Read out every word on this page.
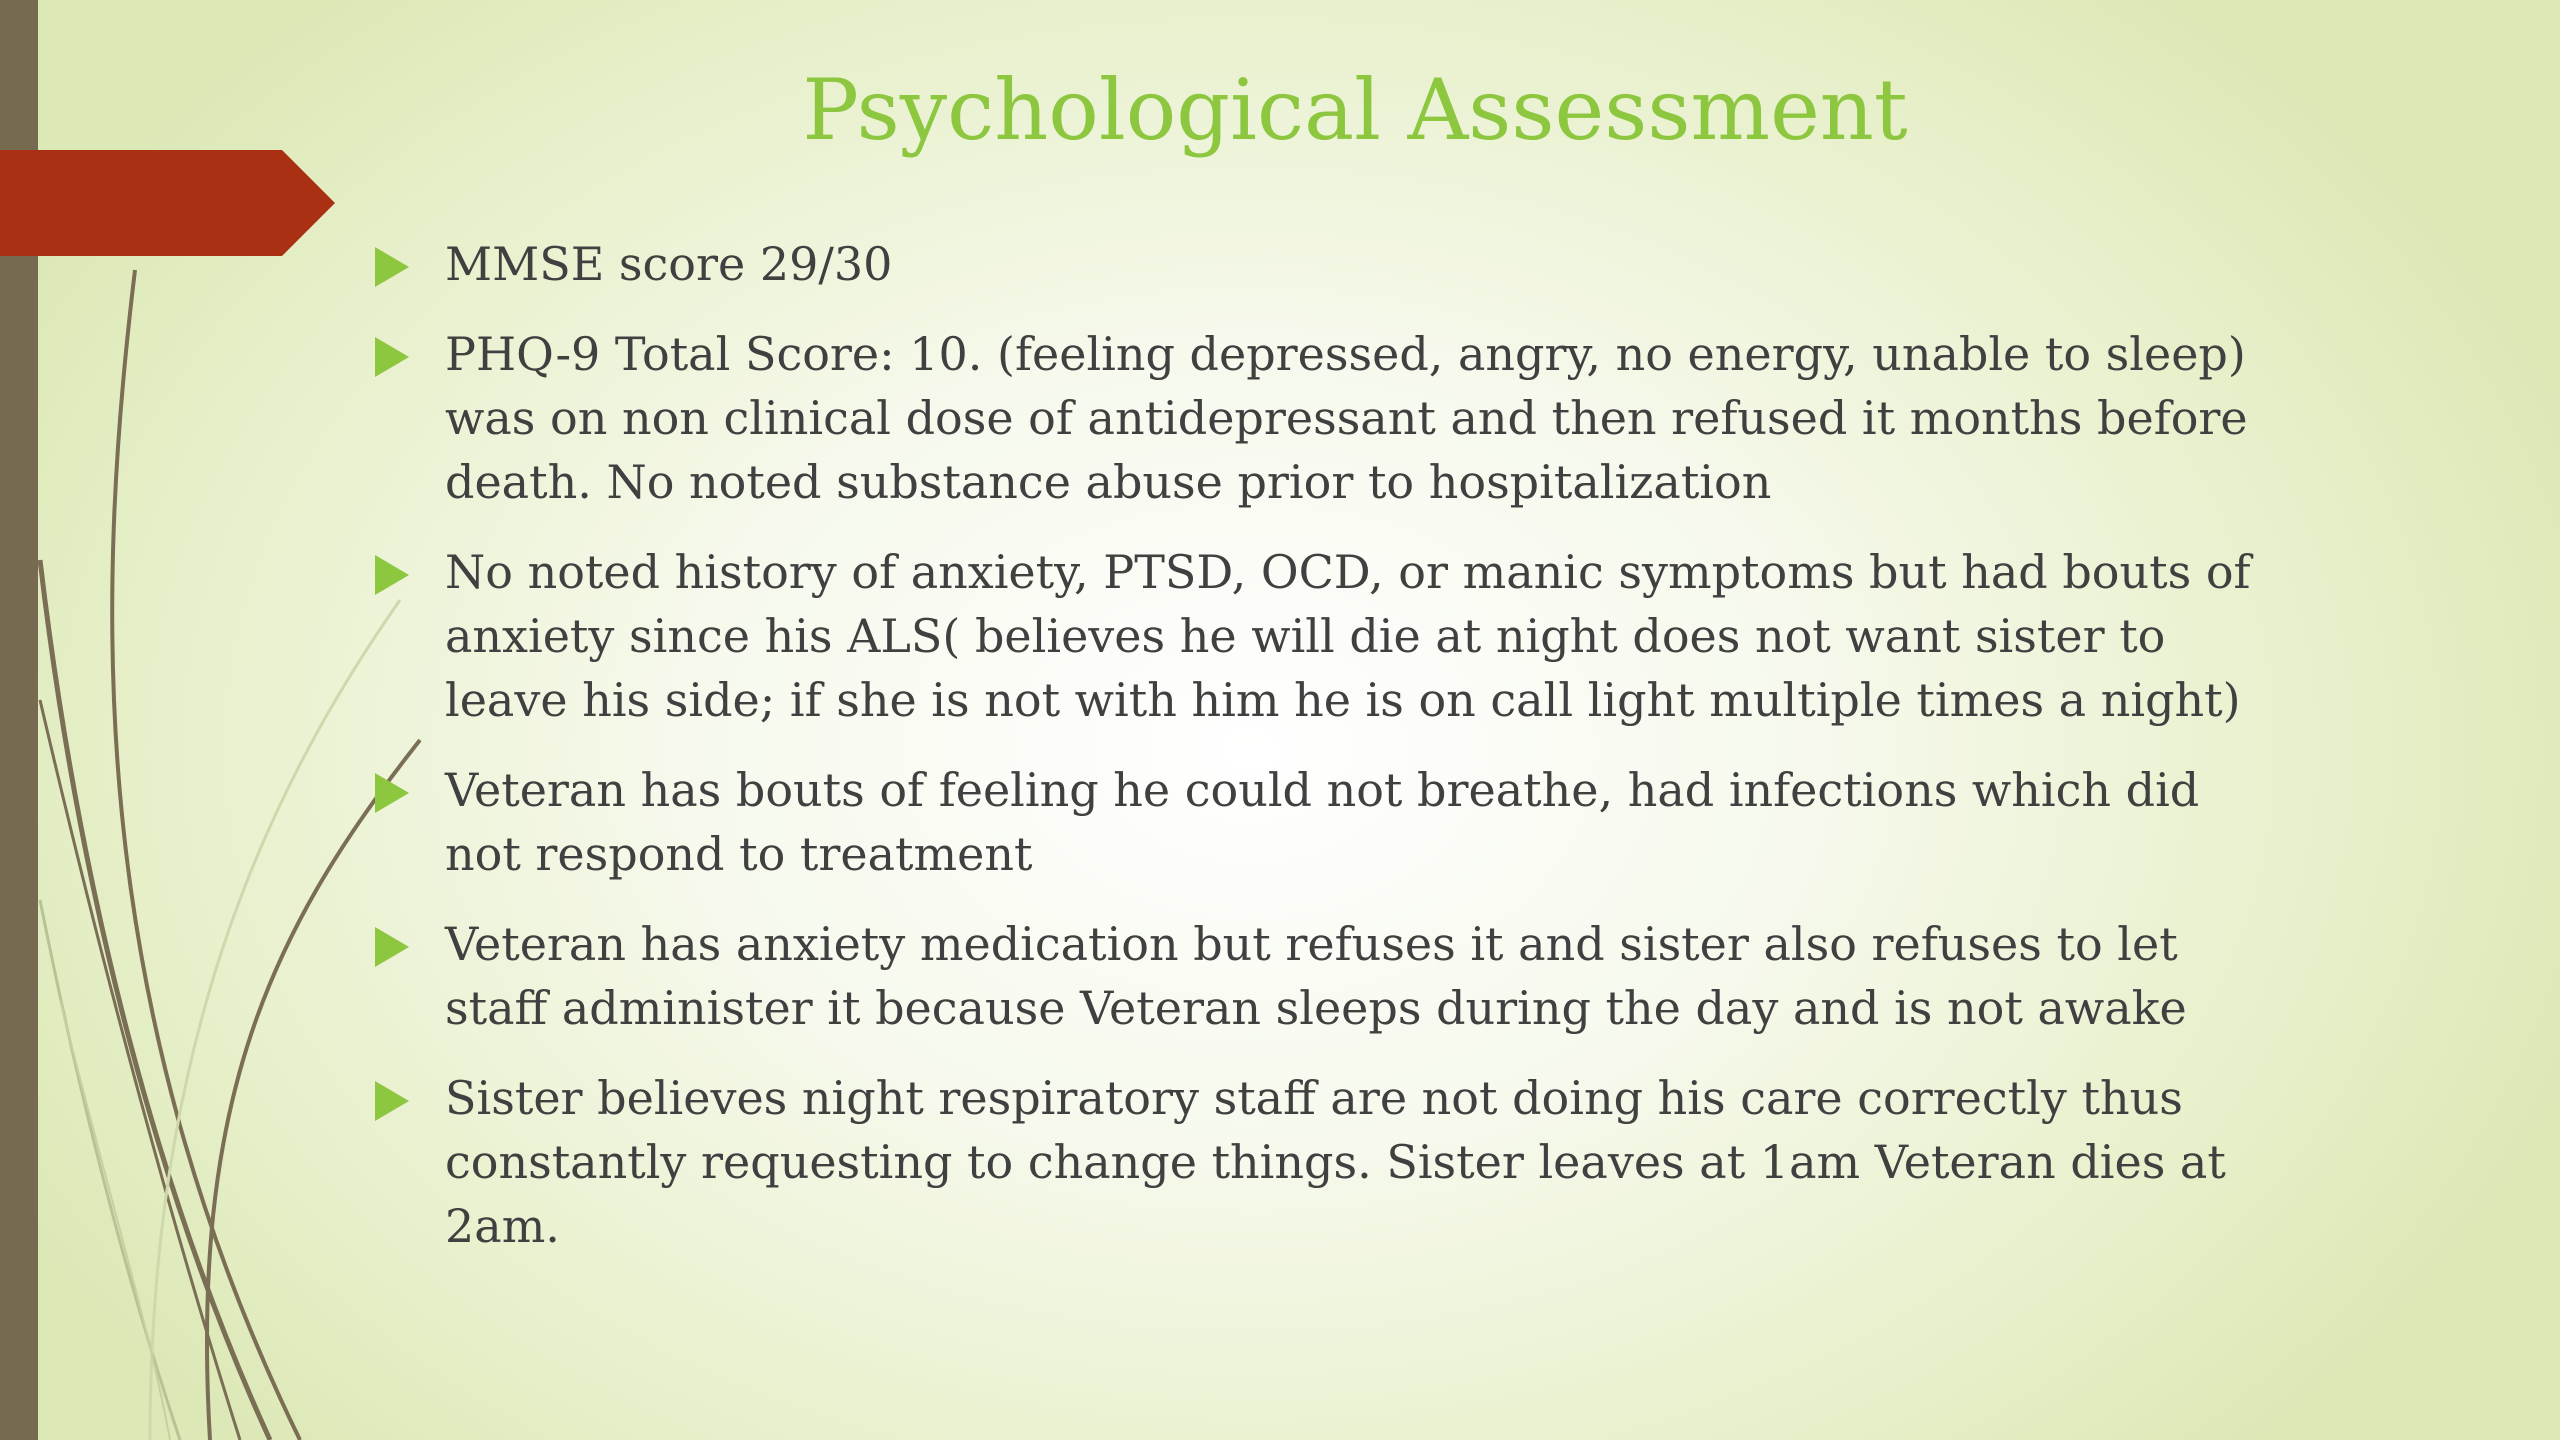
Psychological Assessment
MMSE score 29/30
PHQ-9 Total Score: 10. (feeling depressed, angry, no energy, unable to sleep) was on non clinical dose of antidepressant and then refused it months before death. No noted substance abuse prior to hospitalization
No noted history of anxiety, PTSD, OCD, or manic symptoms but had bouts of anxiety since his ALS( believes he will die at night does not want sister to leave his side; if she is not with him he is on call light multiple times a night)
Veteran has bouts of feeling he could not breathe, had infections which did not respond to treatment
Veteran has anxiety medication but refuses it and sister also refuses to let staff administer it because Veteran sleeps during the day and is not awake
Sister believes night respiratory staff are not doing his care correctly thus constantly requesting to change things. Sister leaves at 1am Veteran dies at 2am.
